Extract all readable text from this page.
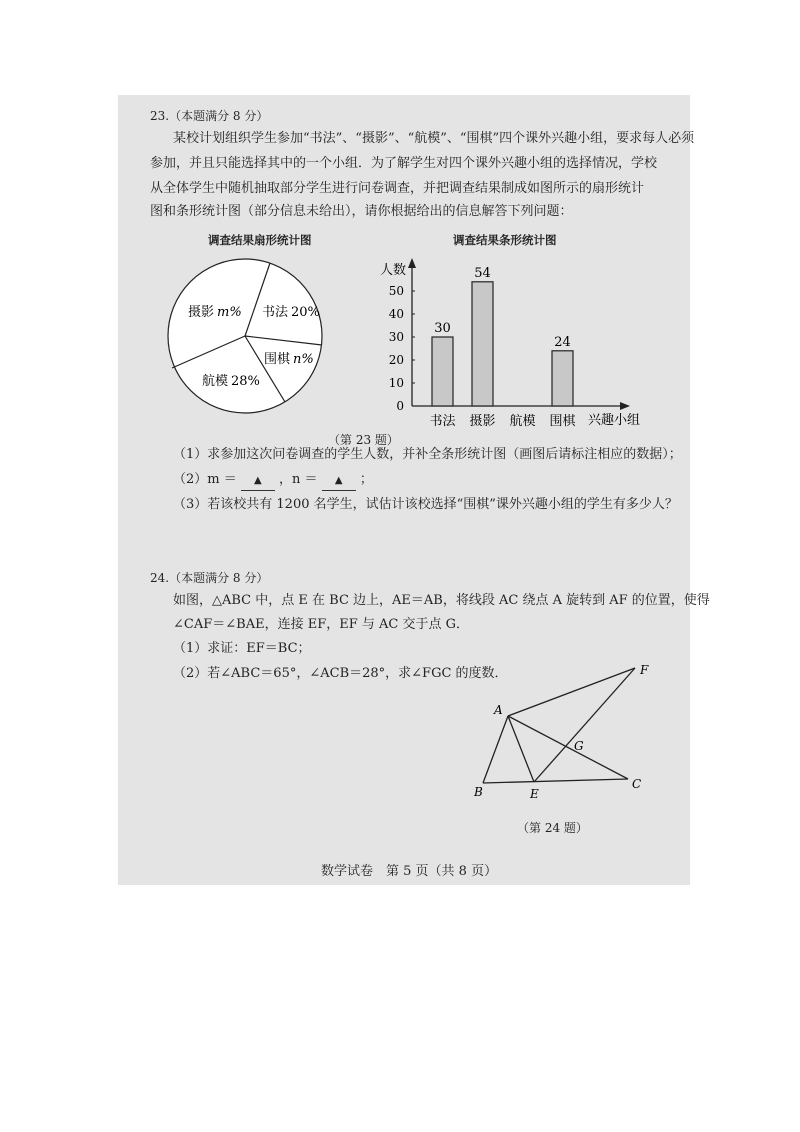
23.（本题满分 8 分）
某校计划组织学生参加“书法”、“摄影”、“航模”、“围棋”四个课外兴趣小组，要求每人必须
参加，并且只能选择其中的一个小组．为了解学生对四个课外兴趣小组的选择情况，学校
从全体学生中随机抽取部分学生进行问卷调查，并把调查结果制成如图所示的扇形统计
图和条形统计图（部分信息未给出），请你根据给出的信息解答下列问题：
调查结果扇形统计图	调查结果条形统计图
摄影 m% 书法 20%
围棋 n%
航模 28%
人数
兴趣小组
0
10
20
30
40
50
书法
30
摄影
54
航模 围棋
24
（第 23 题）
（1）求参加这次问卷调查的学生人数，并补全条形统计图（画图后请标注相应的数据）；
（2）m ＝ ▲ ，n ＝ ▲ ；
（3）若该校共有 1200 名学生，试估计该校选择“围棋”课外兴趣小组的学生有多少人？
24.（本题满分 8 分）
如图，△ABC 中，点 E 在 BC 边上，AE＝AB，将线段 AC 绕点 A 旋转到 AF 的位置，使得
∠CAF＝∠BAE，连接 EF，EF 与 AC 交于点 G．
（1）求证：EF＝BC；
（2）若∠ABC＝65°，∠ACB＝28°，求∠FGC 的度数．
A
B
C
E
F
G
（第 24 题）
数学试卷　第 5 页（共 8 页）
